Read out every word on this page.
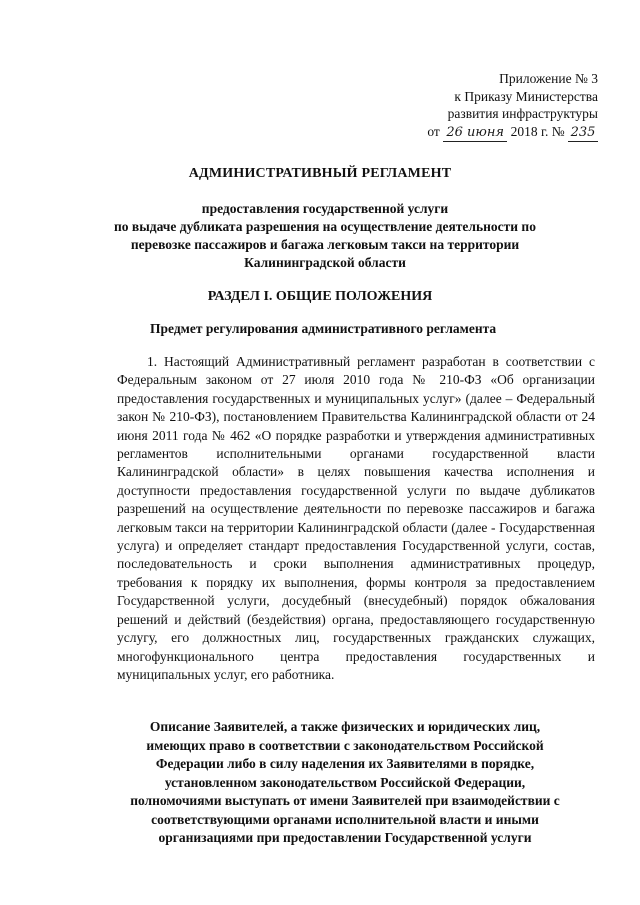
Приложение № 3
к Приказу Министерства
развития инфраструктуры
от 26 июня 2018 г. № 235
АДМИНИСТРАТИВНЫЙ РЕГЛАМЕНТ
предоставления государственной услуги
по выдаче дубликата разрешения на осуществление деятельности по
перевозке пассажиров и багажа легковым такси на территории
Калининградской области
РАЗДЕЛ I. ОБЩИЕ ПОЛОЖЕНИЯ
Предмет регулирования административного регламента

1. Настоящий Административный регламент разработан в соответствии с Федеральным законом от 27 июля 2010 года № 210-ФЗ «Об организации предоставления государственных и муниципальных услуг» (далее – Федеральный закон № 210-ФЗ), постановлением Правительства Калининградской области от 24 июня 2011 года № 462 «О порядке разработки и утверждения административных регламентов исполнительными органами государственной власти Калининградской области» в целях повышения качества исполнения и доступности предоставления государственной услуги по выдаче дубликатов разрешений на осуществление деятельности по перевозке пассажиров и багажа легковым такси на территории Калининградской области (далее - Государственная услуга) и определяет стандарт предоставления Государственной услуги, состав, последовательность и сроки выполнения административных процедур, требования к порядку их выполнения, формы контроля за предоставлением Государственной услуги, досудебный (внесудебный) порядок обжалования решений и действий (бездействия) органа, предоставляющего государственную услугу, его должностных лиц, государственных гражданских служащих, многофункционального центра предоставления государственных и муниципальных услуг, его работника.

Описание Заявителей, а также физических и юридических лиц,
имеющих право в соответствии с законодательством Российской
Федерации либо в силу наделения их Заявителями в порядке,
установленном законодательством Российской Федерации,
полномочиями выступать от имени Заявителей при взаимодействии с
соответствующими органами исполнительной власти и иными
организациями при предоставлении Государственной услуги
